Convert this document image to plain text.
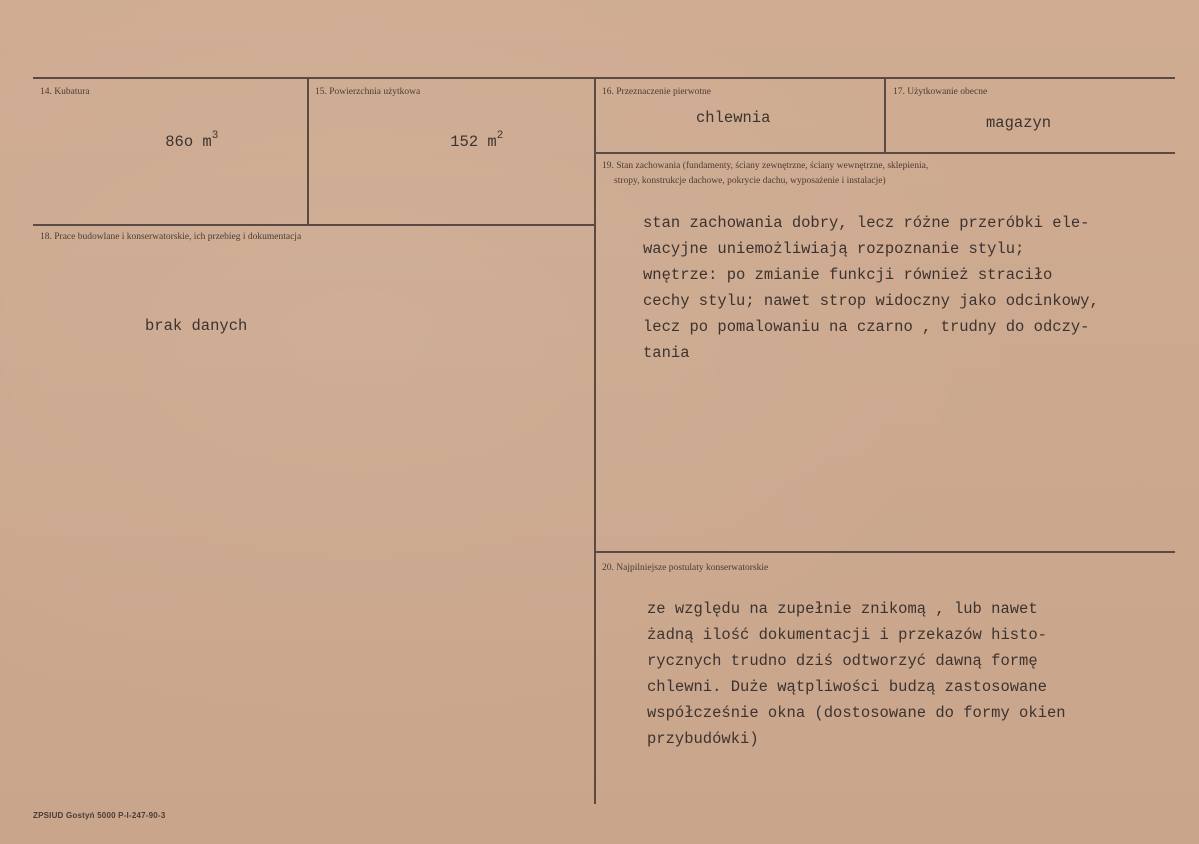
14. Kubatura

86o $m^3$

15. Powierzchnia użytkowa

152 $m^2$

16. Przeznaczenie pierwotne
chlewnia
17. Użytkowanie obecne
magazyn
18. Prace budowlane i konserwatorskie, ich przebieg i dokumentacja
brak danych
19. Stan zachowania (fundamenty, ściany zewnętrzne, ściany wewnętrzne, sklepienia,
stropy, konstrukcje dachowe, pokrycie dachu, wyposażenie i instalacje)
stan zachowania dobry, lecz różne przeróbki ele-
wacyjne uniemożliwiają rozpoznanie stylu;
wnętrze: po zmianie funkcji również straciło
cechy stylu; nawet strop widoczny jako odcinkowy,
lecz po pomalowaniu na czarno , trudny do odczy-
tania
20. Najpilniejsze postulaty konserwatorskie
ze względu na zupełnie znikomą , lub nawet
żadną ilość dokumentacji i przekazów histo-
rycznych trudno dziś odtworzyć dawną formę
chlewni. Duże wątpliwości budzą zastosowane
współcześnie okna (dostosowane do formy okien
przybudówki)
ZPSIUD Gostyń 5000 P-I-247-90-3
